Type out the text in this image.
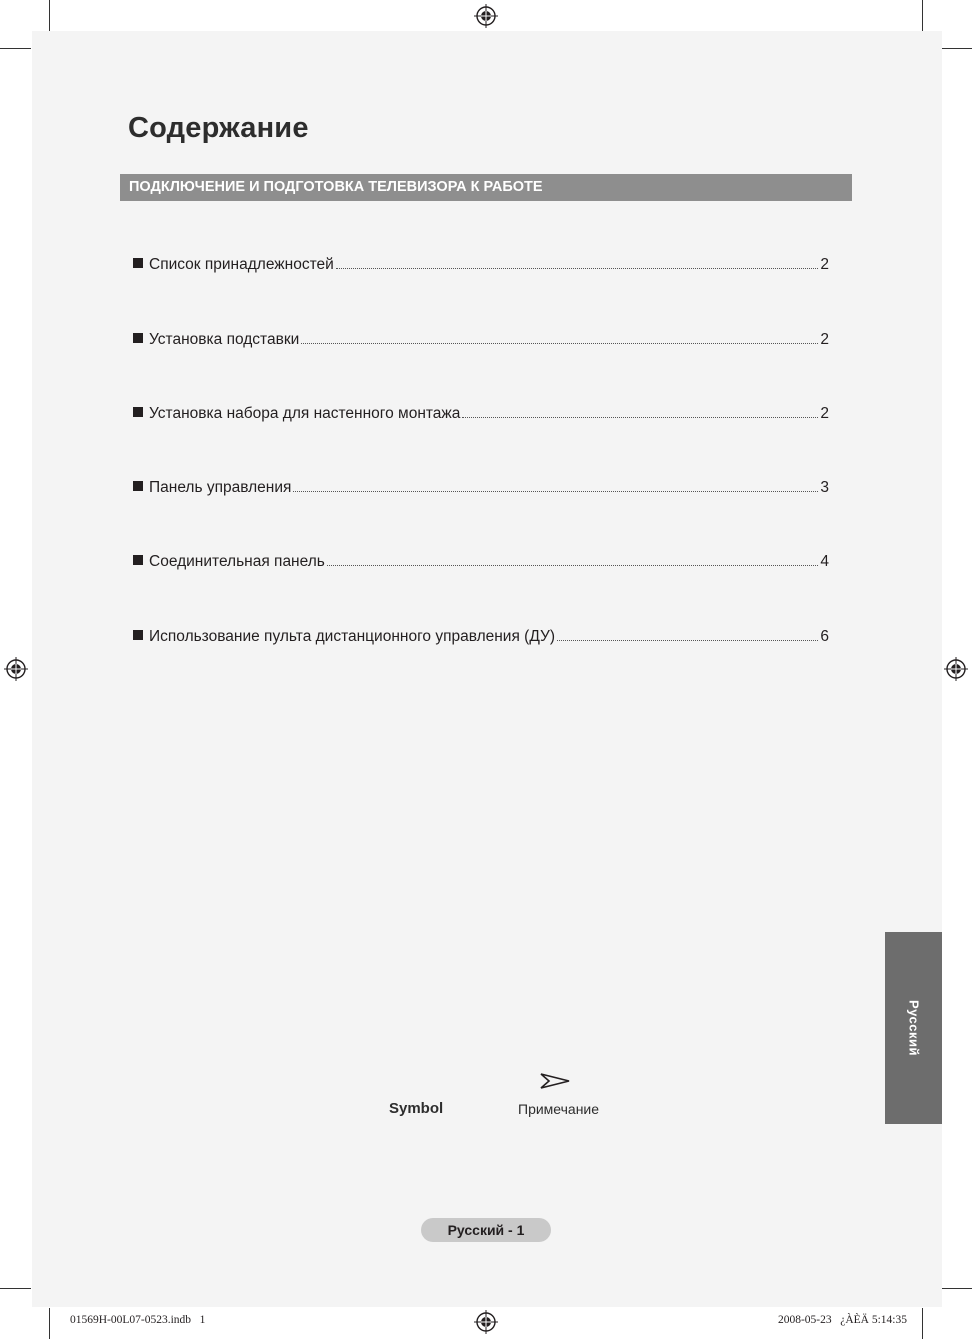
Содержание
ПОДКЛЮЧЕНИЕ И ПОДГОТОВКА ТЕЛЕВИЗОРА К РАБОТЕ
Список принадлежностей	2
Установка подставки	2
Установка набора для настенного монтажа	2
Панель управления	3
Соединительная панель	4
Использование пульта дистанционного управления (ДУ)	6
Русский
Symbol	Примечание
Русский - 1
01569H-00L07-0523.indb   1	2008-05-23   ¿ÀÈÄ 5:14:35
